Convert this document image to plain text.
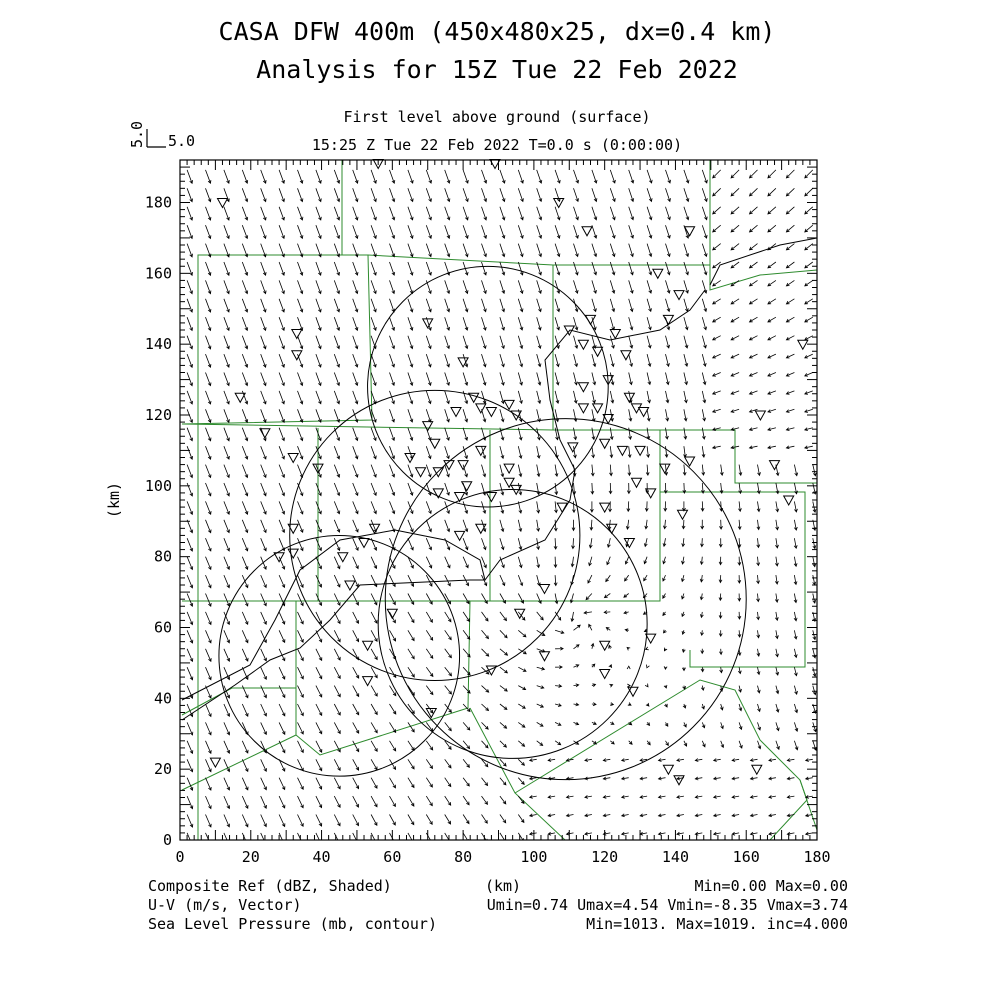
CASA DFW 400m (450x480x25, dx=0.4 km)
Analysis for 15Z Tue 22 Feb 2022
First level above ground (surface)
15:25 Z Tue 22 Feb 2022 T=0.0 s (0:00:00)
5.0 5.0
0	20	40	60	80	100	120	140	160	180
0
20
40
60
80
100
120
140
160
180
(km)
(km)
Composite Ref (dBZ, Shaded)
U-V (m/s, Vector)
Sea Level Pressure (mb, contour)
Min=0.00 Max=0.00
Umin=0.74 Umax=4.54 Vmin=-8.35 Vmax=3.74
Min=1013. Max=1019. inc=4.000
